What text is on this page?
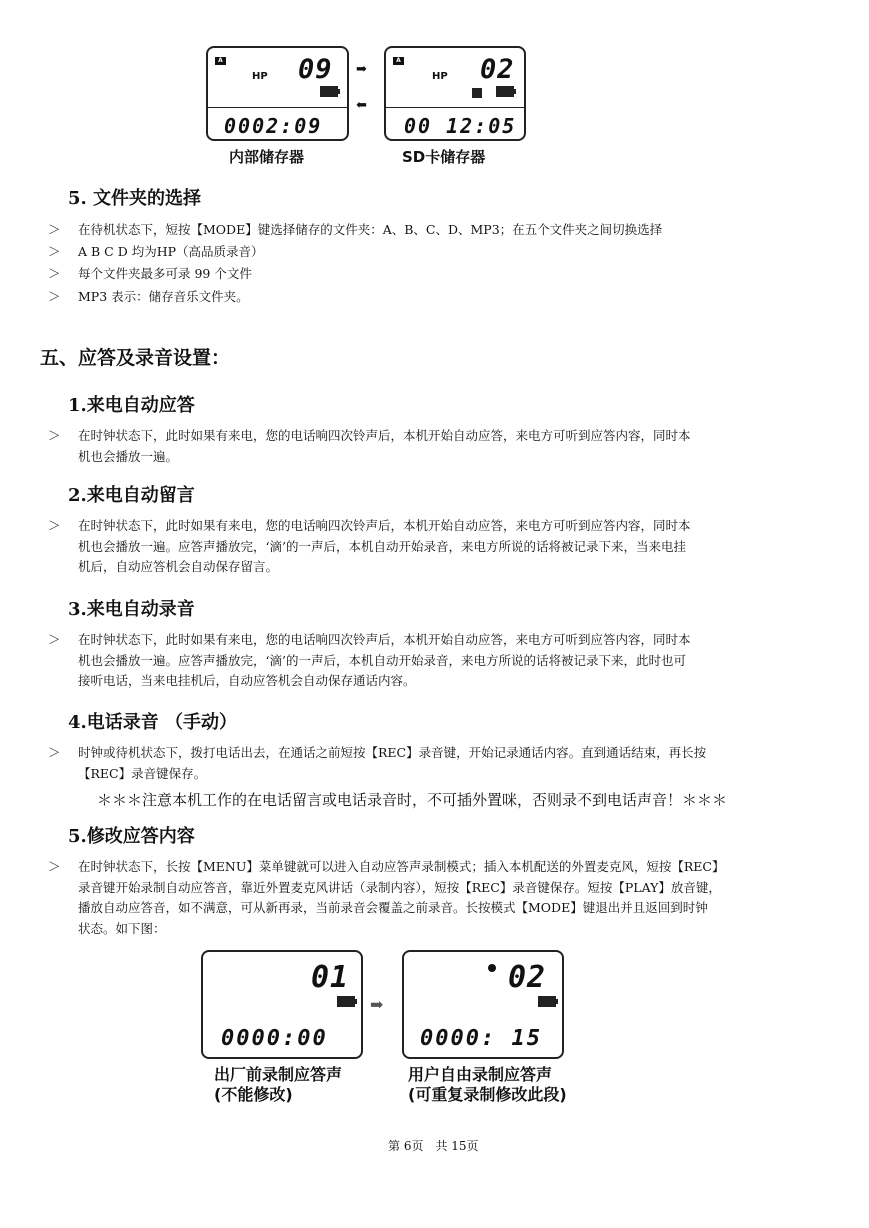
A
HP 09
0002:09
➡
⬅
A
HP 02
00 12:05
内部储存器	SD卡储存器
5. 文件夹的选择
＞ 在待机状态下，短按【MODE】键选择储存的文件夹：A、B、C、D、MP3；在五个文件夹之间切换选择
＞ A B C D 均为HP（高品质录音）
＞ 每个文件夹最多可录 99 个文件
＞ MP3 表示：储存音乐文件夹。
五、应答及录音设置：
1.来电自动应答
＞ 在时钟状态下，此时如果有来电，您的电话响四次铃声后，本机开始自动应答，来电方可听到应答内容，同时本
机也会播放一遍。
2.来电自动留言
＞ 在时钟状态下，此时如果有来电，您的电话响四次铃声后，本机开始自动应答，来电方可听到应答内容，同时本
机也会播放一遍。应答声播放完，‘滴’的一声后，本机自动开始录音，来电方所说的话将被记录下来，当来电挂
机后，自动应答机会自动保存留言。
3.来电自动录音
＞ 在时钟状态下，此时如果有来电，您的电话响四次铃声后，本机开始自动应答，来电方可听到应答内容，同时本
机也会播放一遍。应答声播放完，‘滴’的一声后，本机自动开始录音，来电方所说的话将被记录下来，此时也可
接听电话，当来电挂机后，自动应答机会自动保存通话内容。
4.电话录音 （手动）
＞ 时钟或待机状态下，拨打电话出去，在通话之前短按【REC】录音键，开始记录通话内容。直到通话结束，再长按
【REC】录音键保存。
＊＊＊注意本机工作的在电话留言或电话录音时，不可插外置咪，否则录不到电话声音！＊＊＊
5.修改应答内容
＞ 在时钟状态下，长按【MENU】菜单键就可以进入自动应答声录制模式；插入本机配送的外置麦克风，短按【REC】
录音键开始录制自动应答音，靠近外置麦克风讲话（录制内容），短按【REC】录音键保存。短按【PLAY】放音键，
播放自动应答音，如不满意，可从新再录，当前录音会覆盖之前录音。长按模式【MODE】键退出并且返回到时钟
状态。如下图：
01
0000:00
➡
02
0000: 15
出厂前录制应答声
(不能修改)
用户自由录制应答声
(可重复录制修改此段)
第 6页　共 15页
